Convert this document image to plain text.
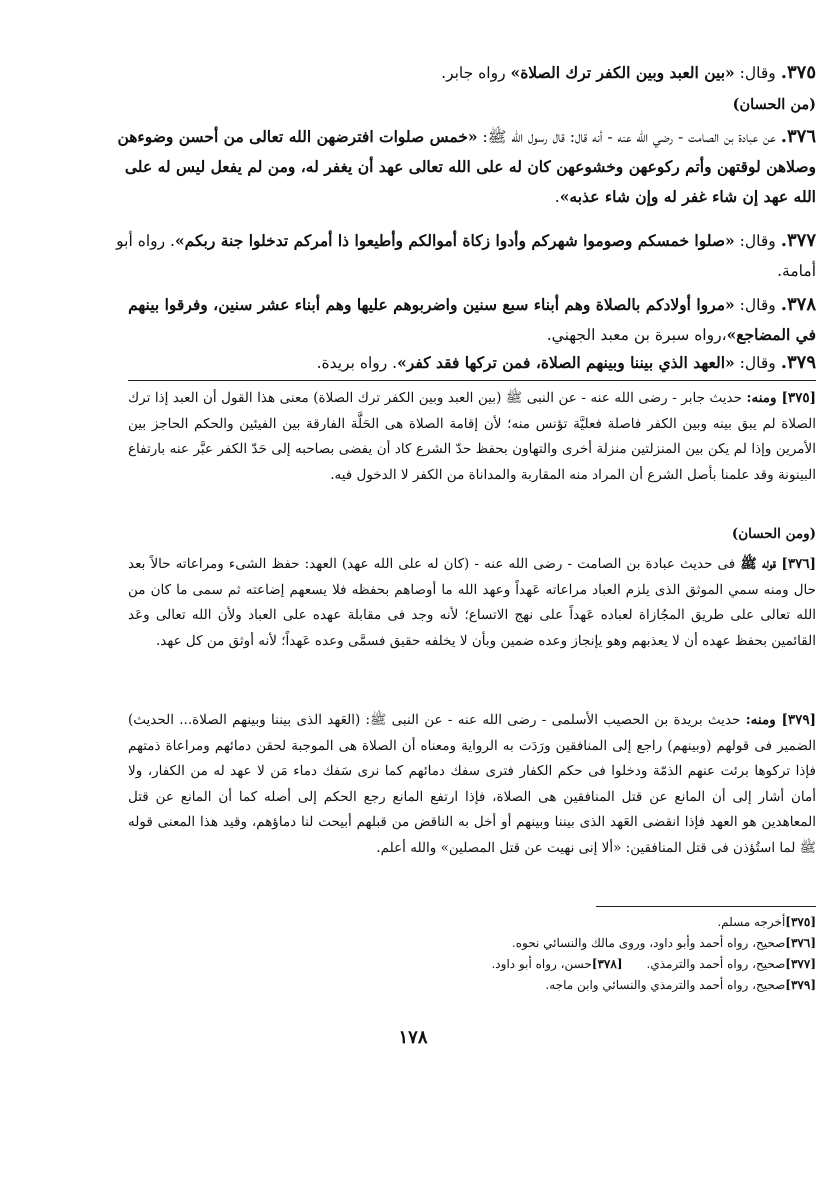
٣٧٥. وقال: «بين العبد وبين الكفر ترك الصلاة» رواه جابر.
(من الحسان)
٣٧٦. عن عبادة بن الصامت - رضي الله عنه - أنه قال: قال رسول الله ﷺ: «خمس صلوات افترضهن الله تعالى من أحسن وضوءهن وصلاهن لوقتهن وأتم ركوعهن وخشوعهن كان له على الله تعالى عهد أن يغفر له، ومن لم يفعل ليس له على الله عهد إن شاء غفر له وإن شاء عذبه».
٣٧٧. وقال: «صلوا خمسكم وصوموا شهركم وأدوا زكاة أموالكم وأطيعوا ذا أمركم تدخلوا جنة ربكم». رواه أبو أمامة.
٣٧٨. وقال: «مروا أولادكم بالصلاة وهم أبناء سبع سنين واضربوهم عليها وهم أبناء عشر سنين، وفرقوا بينهم في المضاجع»،رواه سبرة بن معبد الجهني.
٣٧٩. وقال: «العهد الذي بيننا وبينهم الصلاة، فمن تركها فقد كفر». رواه بريدة.
[٣٧٥] ومنه: حديث جابر - رضى الله عنه - عن النبى ﷺ (بين العبد وبين الكفر ترك الصلاة) معنى هذا القول أن العبد إذا ترك الصلاة لم يبق بينه وبين الكفر فاصلة فعليَّة تؤنس منه؛ لأن إقامة الصلاة هى الحَلَّة الفارقة بين الفيئين والحكم الحاجز بين الأمرين وإذا لم يكن بين المنزلتين منزلة أخرى والتهاون بحفظ حدّ الشرع كاد أن يفضى بصاحبه إلى حَدّ الكفر عبَّر عنه بارتفاع البينونة وقد علمنا بأصل الشرع أن المراد منه المقاربة والمداناة من الكفر لا الدخول فيه.
(ومن الحسان)
[٣٧٦] قوله ﷺ فى حديث عبادة بن الصامت - رضى الله عنه - (كان له على الله عهد) العهد: حفظ الشىء ومراعاته حالاً بعد حال ومنه سمي الموثق الذى يلزم العباد مراعاته عَهداً وعهد الله ما أوصاهم بحفظه فلا يسعهم إضاعته ثم سمى ما كان من الله تعالى على طريق المجُازاة لعباده عَهداً على نهج الاتساع؛ لأنه وجد فى مقابلة عهده على العباد ولأن الله تعالى وعَد القائمين بحفظ عهده أن لا يعذبهم وهو يإنجاز وعده ضمين وبأن لا يخلفه حقيق فسمَّى وعده عَهداً؛ لأنه أوثق من كل عهد.
[٣٧٩] ومنه: حديث بريدة بن الحصيب الأسلمى - رضى الله عنه - عن النبى ﷺ: (العَهد الذى بيننا وبينهم الصلاة... الحديث) الضمير فى قولهم (وبينهم) راجع إلى المنافقين ورَدَت به الرواية ومعناه أن الصلاة هى الموجبة لحقن دمائهم ومراعاة ذمتهم فإذا تركوها برئت عنهم الذمّة ودخلوا فى حكم الكفار فترى سفك دمائهم كما نرى سَفك دماء مَن لا عهد له من الكفار، ولا أمان أشار إلى أن المانع عن قتل المنافقين هى الصلاة، فإذا ارتفع المانع رجع الحكم إلى أصله كما أن المانع عن قتل المعاهدين هو العهد فإذا انقضى العَهد الذى بيننا وبينهم أو أخل به الناقض من قبلهم أبيحت لنا دماؤهم، وقيد هذا المعنى قوله ﷺ لما استُؤذن فى قتل المنافقين: «ألا إنى نهيت عن قتل المصلين» والله أعلم.
[٣٧٥]أخرجه مسلم.
[٣٧٦]صحيح، رواه أحمد وأبو داود، وروى مالك والنسائي نحوه.
[٣٧٧]صحيح، رواه أحمد والترمذي.[٣٧٨]حسن، رواه أبو داود.
[٣٧٩]صحيح، رواه أحمد والترمذي والنسائي وابن ماجه.
١٧٨
